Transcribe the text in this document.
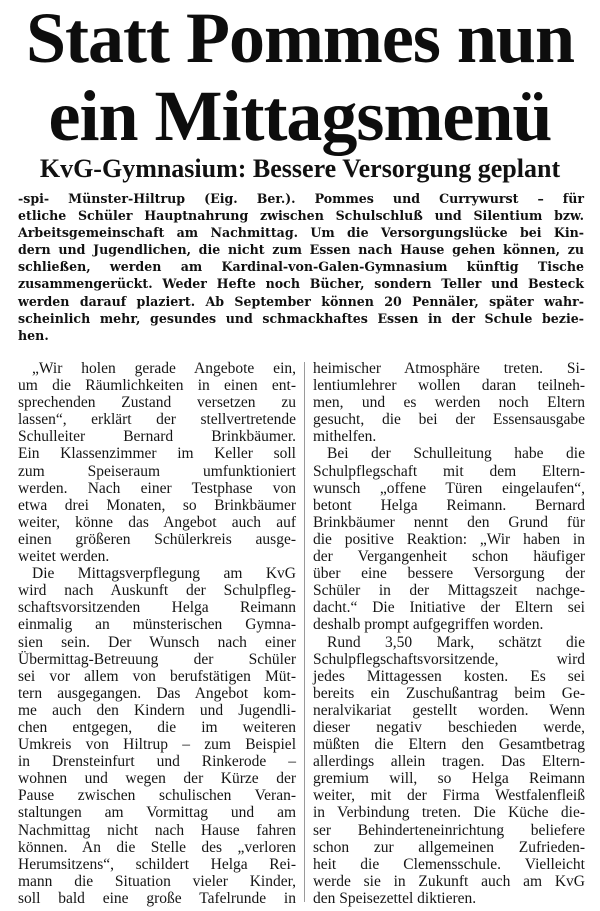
Statt Pommes nun
ein Mittagsmenü
KvG-Gymnasium: Bessere Versorgung geplant
-spi- Münster-Hiltrup (Eig. Ber.). Pommes und Currywurst – für
etliche Schüler Hauptnahrung zwischen Schulschluß und Silentium bzw.
Arbeitsgemeinschaft am Nachmittag. Um die Versorgungslücke bei Kin-
dern und Jugendlichen, die nicht zum Essen nach Hause gehen können, zu
schließen, werden am Kardinal-von-Galen-Gymnasium künftig Tische
zusammengerückt. Weder Hefte noch Bücher, sondern Teller und Besteck
werden darauf plaziert. Ab September können 20 Pennäler, später wahr-
scheinlich mehr, gesundes und schmackhaftes Essen in der Schule bezie-
hen.
„Wir holen gerade Angebote ein,
um die Räumlichkeiten in einen ent-
sprechenden Zustand versetzen zu
lassen“, erklärt der stellvertretende
Schulleiter Bernard Brinkbäumer.
Ein Klassenzimmer im Keller soll
zum Speiseraum umfunktioniert
werden. Nach einer Testphase von
etwa drei Monaten, so Brinkbäumer
weiter, könne das Angebot auch auf
einen größeren Schülerkreis ausge-
weitet werden.
Die Mittagsverpflegung am KvG
wird nach Auskunft der Schulpfleg-
schaftsvorsitzenden Helga Reimann
einmalig an münsterischen Gymna-
sien sein. Der Wunsch nach einer
Übermittag-Betreuung der Schüler
sei vor allem von berufstätigen Müt-
tern ausgegangen. Das Angebot kom-
me auch den Kindern und Jugendli-
chen entgegen, die im weiteren
Umkreis von Hiltrup – zum Beispiel
in Drensteinfurt und Rinkerode –
wohnen und wegen der Kürze der
Pause zwischen schulischen Veran-
staltungen am Vormittag und am
Nachmittag nicht nach Hause fahren
können. An die Stelle des „verloren
Herumsitzens“, schildert Helga Rei-
mann die Situation vieler Kinder,
soll bald eine große Tafelrunde in
heimischer Atmosphäre treten. Si-
lentiumlehrer wollen daran teilneh-
men, und es werden noch Eltern
gesucht, die bei der Essensausgabe
mithelfen.
Bei der Schulleitung habe die
Schulpflegschaft mit dem Eltern-
wunsch „offene Türen eingelaufen“,
betont Helga Reimann. Bernard
Brinkbäumer nennt den Grund für
die positive Reaktion: „Wir haben in
der Vergangenheit schon häufiger
über eine bessere Versorgung der
Schüler in der Mittagszeit nachge-
dacht.“ Die Initiative der Eltern sei
deshalb prompt aufgegriffen worden.
Rund 3,50 Mark, schätzt die
Schulpflegschaftsvorsitzende, wird
jedes Mittagessen kosten. Es sei
bereits ein Zuschußantrag beim Ge-
neralvikariat gestellt worden. Wenn
dieser negativ beschieden werde,
müßten die Eltern den Gesamtbetrag
allerdings allein tragen. Das Eltern-
gremium will, so Helga Reimann
weiter, mit der Firma Westfalenfleiß
in Verbindung treten. Die Küche die-
ser Behinderteneinrichtung beliefere
schon zur allgemeinen Zufrieden-
heit die Clemensschule. Vielleicht
werde sie in Zukunft auch am KvG
den Speisezettel diktieren.
